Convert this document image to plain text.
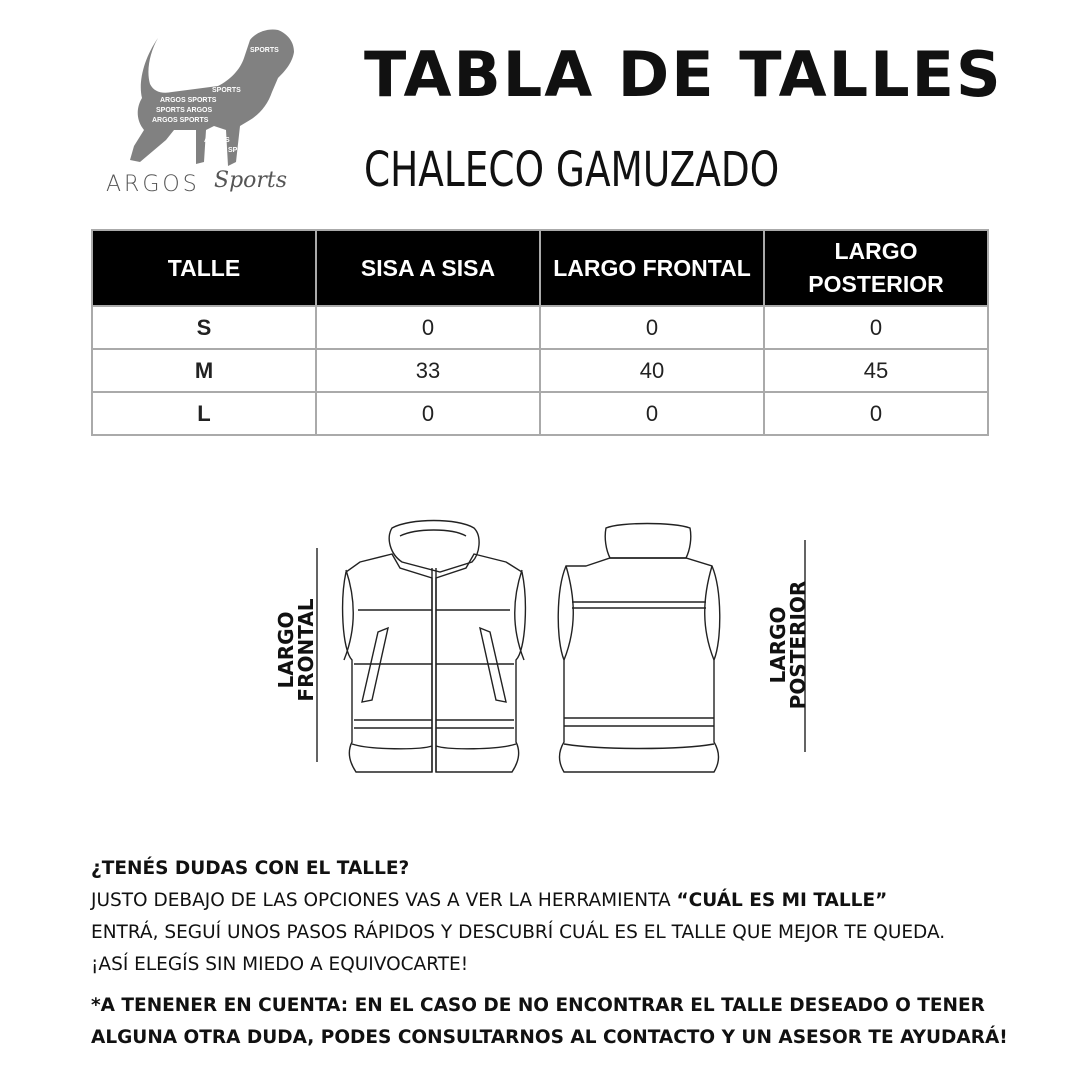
ARGOS SPORTS
SPORTS ARGOS
ARGOS SPORTS
ARGOS
SPORTS
SPORTS
ARGOS
SPORTS
ARGOS Sports
TABLA DE TALLES
CHALECO GAMUZADO
TALLE	SISA A SISA	LARGO FRONTAL	LARGO POSTERIOR
S	0	0	0
M	33	40	45
L	0	0	0
LARGO
FRONTAL	LARGO
POSTERIOR
¿TENÉS DUDAS CON EL TALLE?
JUSTO DEBAJO DE LAS OPCIONES VAS A VER LA HERRAMIENTA “CUÁL ES MI TALLE”
ENTRÁ, SEGUÍ UNOS PASOS RÁPIDOS Y DESCUBRÍ CUÁL ES EL TALLE QUE MEJOR TE QUEDA.
¡ASÍ ELEGÍS SIN MIEDO A EQUIVOCARTE!
*A TENENER EN CUENTA: EN EL CASO DE NO ENCONTRAR EL TALLE DESEADO O TENER ALGUNA OTRA DUDA, PODES CONSULTARNOS AL CONTACTO Y UN ASESOR TE AYUDARÁ!
